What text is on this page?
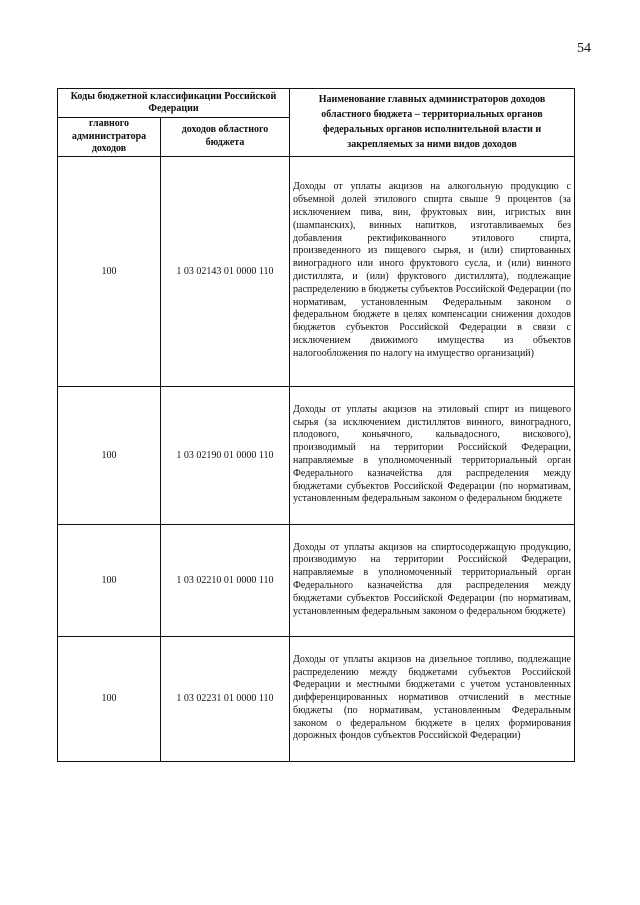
54
Коды бюджетной классификации Российской Федерации		Наименование главных администраторов доходов областного бюджета – территориальных органов федеральных органов исполнительной власти и закрепляемых за ними видов доходов
главного администратора доходов	доходов областного бюджета	
100	1 03 02143 01 0000 110	Доходы от уплаты акцизов на алкогольную продукцию с объемной долей этилового спирта свыше 9 процентов (за исключением пива, вин, фруктовых вин, игристых вин (шампанских), винных напитков, изготавливаемых без добавления ректификованного этилового спирта, произведенного из пищевого сырья, и (или) спиртованных виноградного или иного фруктового сусла, и (или) винного дистиллята, и (или) фруктового дистиллята), подлежащие распределению в бюджеты субъектов Российской Федерации (по нормативам, установленным Федеральным законом о федеральном бюджете в целях компенсации снижения доходов бюджетов субъектов Российской Федерации в связи с исключением движимого имущества из объектов налогообложения по налогу на имущество организаций)
100	1 03 02190 01 0000 110	Доходы от уплаты акцизов на этиловый спирт из пищевого сырья (за исключением дистиллятов винного, виноградного, плодового, коньячного, кальвадосного, вискового), производимый на территории Российской Федерации, направляемые в уполномоченный территориальный орган Федерального казначейства для распределения между бюджетами субъектов Российской Федерации (по нормативам, установленным федеральным законом о федеральном бюджете
100	1 03 02210 01 0000 110	Доходы от уплаты акцизов на спиртосодержащую продукцию, производимую на территории Российской Федерации, направляемые в уполномоченный территориальный орган Федерального казначейства для распределения между бюджетами субъектов Российской Федерации (по нормативам, установленным федеральным законом о федеральном бюджете)
100	1 03 02231 01 0000 110	Доходы от уплаты акцизов на дизельное топливо, подлежащие распределению между бюджетами субъектов Российской Федерации и местными бюджетами с учетом установленных дифференцированных нормативов отчислений в местные бюджеты (по нормативам, установленным Федеральным законом о федеральном бюджете в целях формирования дорожных фондов субъектов Российской Федерации)
